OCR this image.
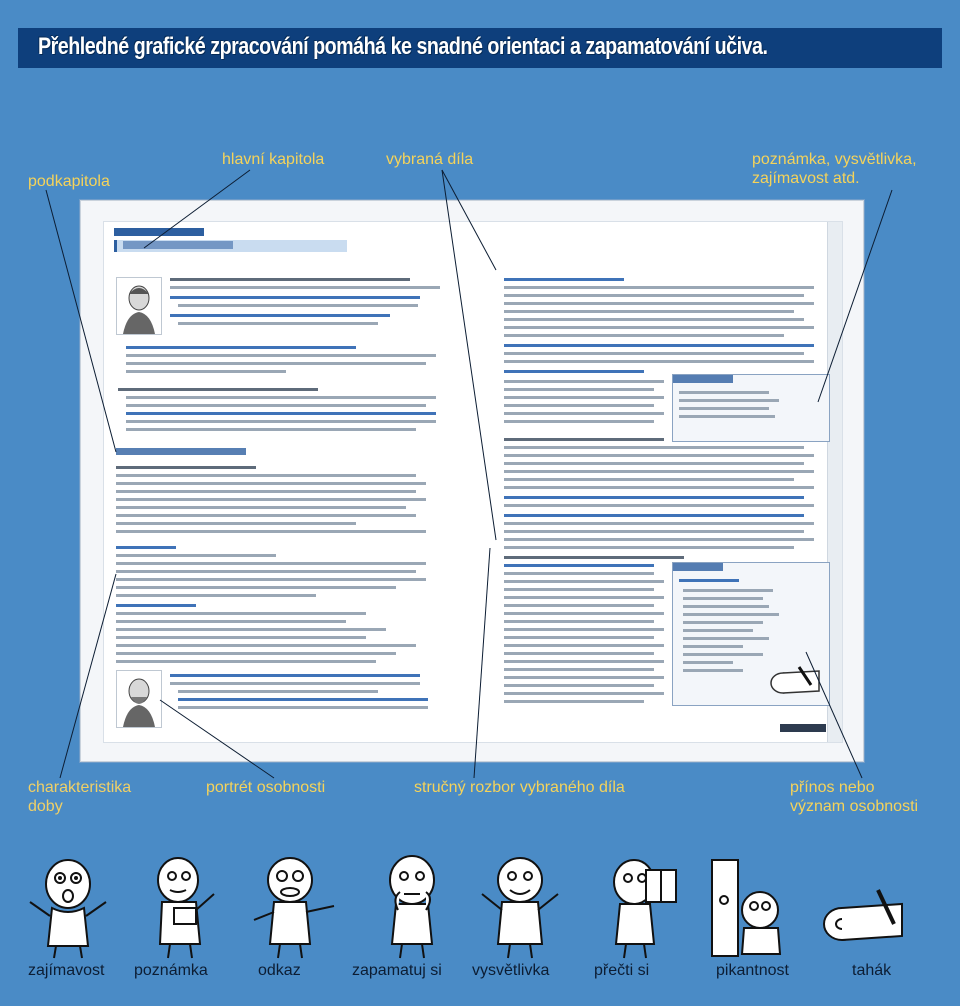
Přehledné grafické zpracování pomáhá ke snadné orientaci a zapamatování učiva.
podkapitola
hlavní kapitola	vybraná díla	poznámka, vysvětlivka,
zajímavost atd.
charakteristika
doby
portrét osobnosti	stručný rozbor vybraného díla	přínos nebo
význam osobnosti
zajímavost poznámka	odkaz	zapamatuj si vysvětlivka	přečti si	pikantnost	tahák
